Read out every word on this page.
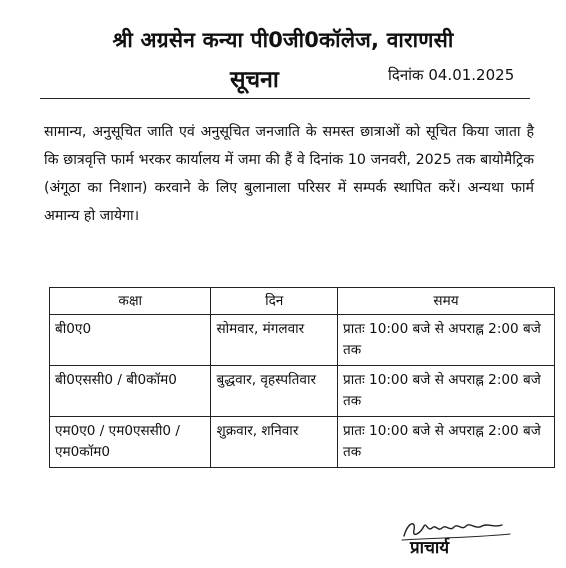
श्री अग्रसेन कन्या पी0जी0कॉलेज, वाराणसी
सूचना	दिनांक 04.01.2025
सामान्य, अनुसूचित जाति एवं अनुसूचित जनजाति के समस्त छात्राओं को सूचित किया जाता है कि छात्रवृत्ति फार्म भरकर कार्यालय में जमा की हैं वे दिनांक 10 जनवरी, 2025 तक बायोमैट्रिक (अंगूठा का निशान) करवाने के लिए बुलानाला परिसर में सम्पर्क स्थापित करें। अन्यथा फार्म अमान्य हो जायेगा।
कक्षा	दिन	समय
बी0ए0	सोमवार, मंगलवार	प्रातः 10:00 बजे से अपराह्न 2:00 बजे तक
बी0एससी0 / बी0कॉम0	बुद्धवार, वृहस्पतिवार	प्रातः 10:00 बजे से अपराह्न 2:00 बजे तक
एम0ए0 / एम0एससी0 / एम0कॉम0	शुक्रवार, शनिवार	प्रातः 10:00 बजे से अपराह्न 2:00 बजे तक
प्राचार्य
